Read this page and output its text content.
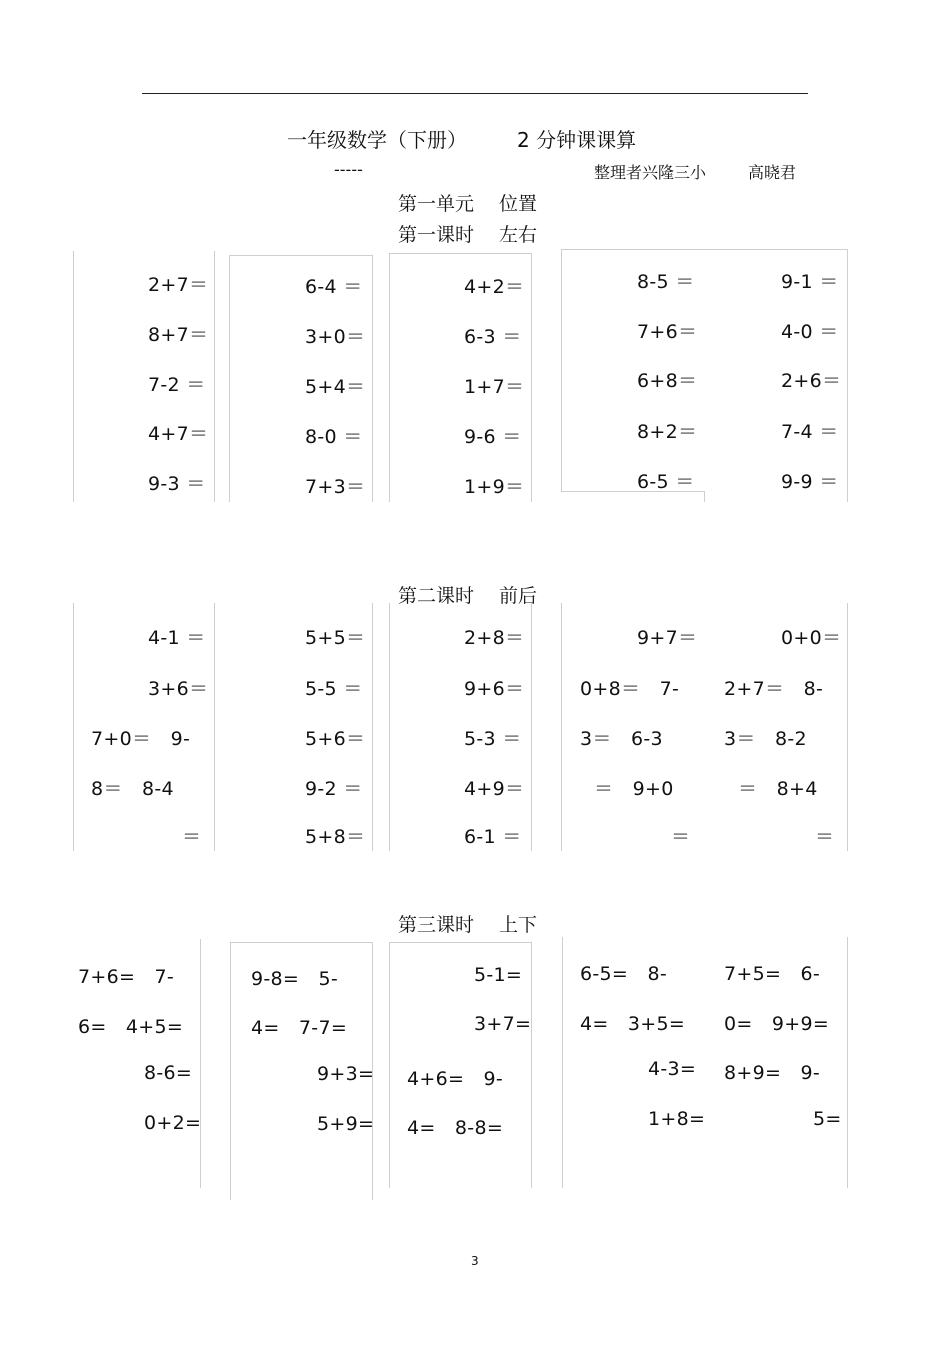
一年级数学（下册）	2 分钟课课算
-----	整理者兴隆三小	高晓君
第一单元　 位置
第一课时　 左右
2+7＝
8+7＝
7-2 ＝
4+7＝
9-3 ＝
6-4 ＝
3+0＝
5+4＝
8-0 ＝
7+3＝
4+2＝
6-3 ＝
1+7＝
9-6 ＝
1+9＝
8-5 ＝
7+6＝
6+8＝
8+2＝
6-5 ＝
9-1 ＝
4-0 ＝
2+6＝
7-4 ＝
9-9 ＝
第二课时　 前后
4-1 ＝
3+6＝
7+0＝　9-
8＝　8-4
＝
5+5＝
5-5 ＝
5+6＝
9-2 ＝
5+8＝
2+8＝
9+6＝
5-3 ＝
4+9＝
6-1 ＝
9+7＝
0+8＝　7-
3＝　6-3
＝　9+0
＝
0+0＝
2+7＝　8-
3＝　8-2
＝　8+4
＝
第三课时　 上下
7+6=　7-
6=　4+5=
8-6=
0+2=
9-8=　5-
4=　7-7=
9+3=
5+9=
5-1=
3+7=
4+6=　9-
4=　8-8=
6-5=　8-
4=　3+5=
4-3=
1+8=
7+5=　6-
0=　9+9=
8+9=　9-
5=
3
